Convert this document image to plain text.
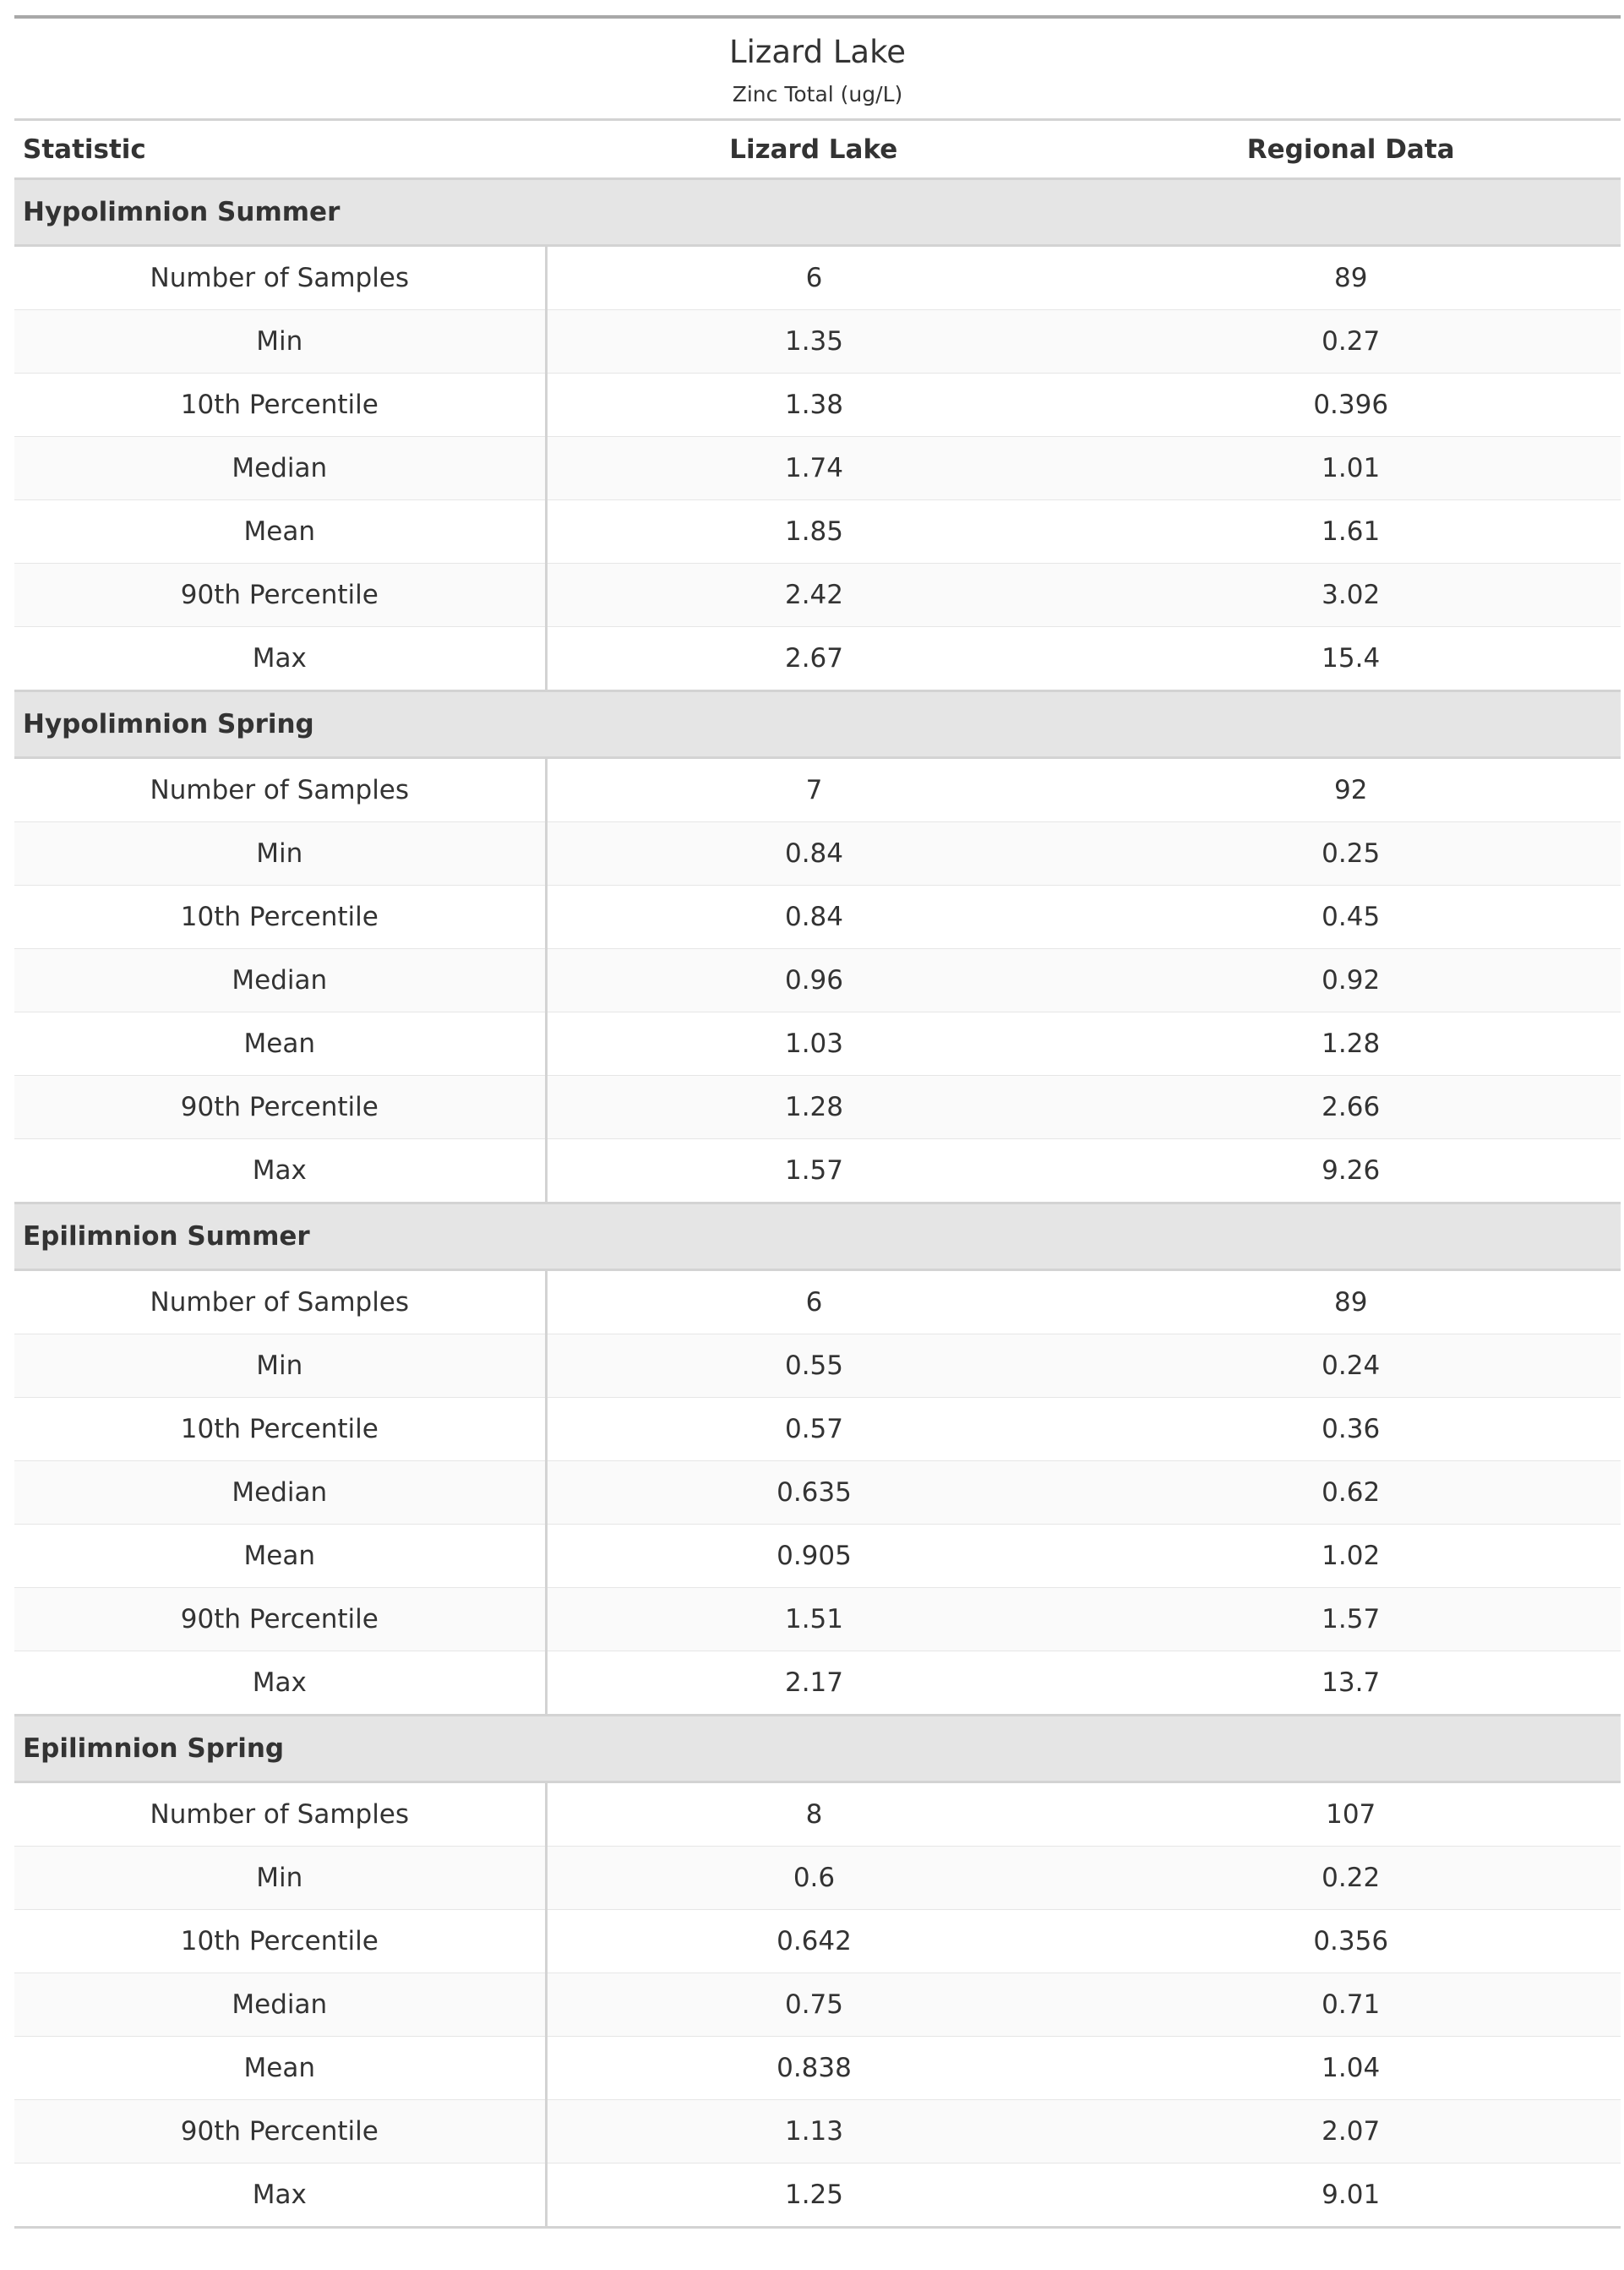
Lizard Lake
Zinc Total (ug/L)		

Statistic	Lizard Lake	Regional Data
Hypolimnion Summer		
Number of Samples	6	89
Min	1.35	0.27
10th Percentile	1.38	0.396
Median	1.74	1.01
Mean	1.85	1.61
90th Percentile	2.42	3.02
Max	2.67	15.4
Hypolimnion Spring		
Number of Samples	7	92
Min	0.84	0.25
10th Percentile	0.84	0.45
Median	0.96	0.92
Mean	1.03	1.28
90th Percentile	1.28	2.66
Max	1.57	9.26
Epilimnion Summer		
Number of Samples	6	89
Min	0.55	0.24
10th Percentile	0.57	0.36
Median	0.635	0.62
Mean	0.905	1.02
90th Percentile	1.51	1.57
Max	2.17	13.7
Epilimnion Spring		
Number of Samples	8	107
Min	0.6	0.22
10th Percentile	0.642	0.356
Median	0.75	0.71
Mean	0.838	1.04
90th Percentile	1.13	2.07
Max	1.25	9.01
